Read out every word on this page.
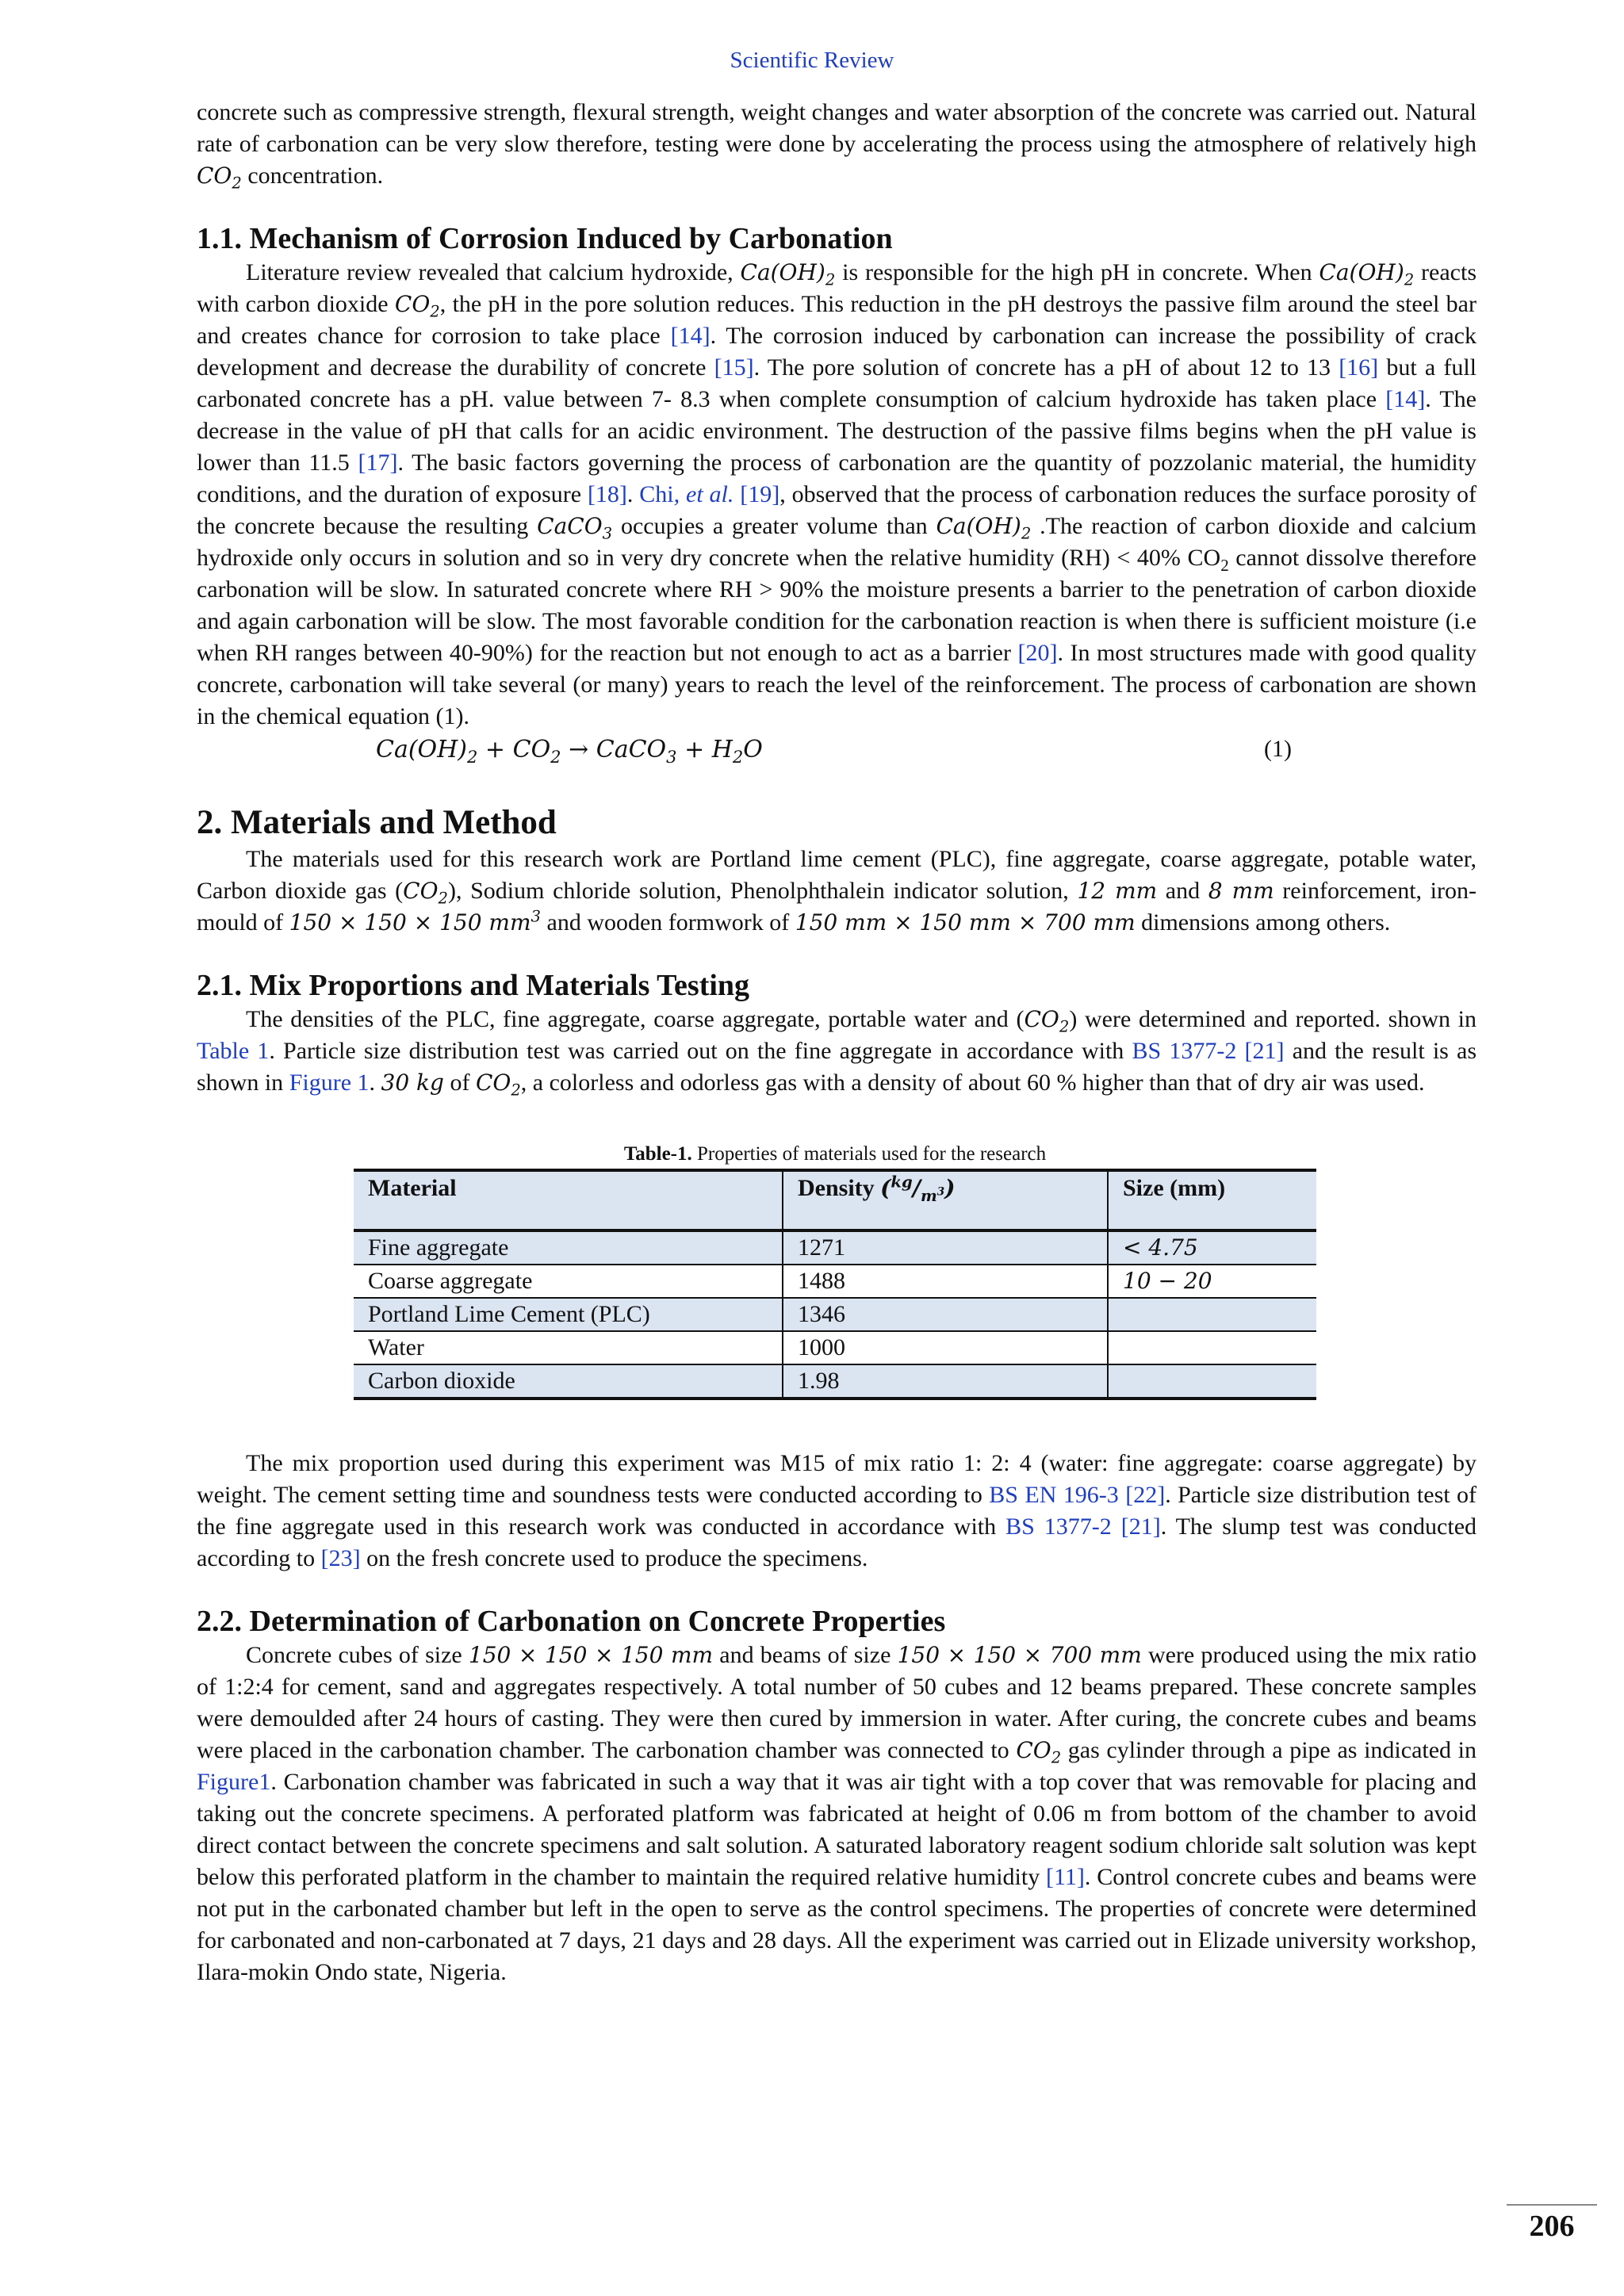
Scientific Review

concrete such as compressive strength, flexural strength, weight changes and water absorption of the concrete was carried out. Natural rate of carbonation can be very slow therefore, testing were done by accelerating the process using the atmosphere of relatively high $CO_2$ concentration.

1.1. Mechanism of Corrosion Induced by Carbonation

Literature review revealed that calcium hydroxide, $Ca(OH)_2$ is responsible for the high pH in concrete. When $Ca(OH)_2$ reacts with carbon dioxide $CO_2$, the pH in the pore solution reduces. This reduction in the pH destroys the passive film around the steel bar and creates chance for corrosion to take place [14]. The corrosion induced by carbonation can increase the possibility of crack development and decrease the durability of concrete [15]. The pore solution of concrete has a pH of about 12 to 13 [16] but a full carbonated concrete has a pH. value between 7- 8.3 when complete consumption of calcium hydroxide has taken place [14]. The decrease in the value of pH that calls for an acidic environment. The destruction of the passive films begins when the pH value is lower than 11.5 [17]. The basic factors governing the process of carbonation are the quantity of pozzolanic material, the humidity conditions, and the duration of exposure [18]. Chi, et al. [19], observed that the process of carbonation reduces the surface porosity of the concrete because the resulting CaCO$_3$ occupies a greater volume than $Ca(OH)_2$ .The reaction of carbon dioxide and calcium hydroxide only occurs in solution and so in very dry concrete when the relative humidity (RH) < 40% $CO_2$ cannot dissolve therefore carbonation will be slow. In saturated concrete where RH > 90% the moisture presents a barrier to the penetration of carbon dioxide and again carbonation will be slow. The most favorable condition for the carbonation reaction is when there is sufficient moisture (i.e when RH ranges between 40-90%) for the reaction but not enough to act as a barrier [20]. In most structures made with good quality concrete, carbonation will take several (or many) years to reach the level of the reinforcement. The process of carbonation are shown in the chemical equation (1).

$Ca(OH)_2 + CO_2$ → CaCO$_3$ + $H_2O$	(1)
2. Materials and Method

The materials used for this research work are Portland lime cement (PLC), fine aggregate, coarse aggregate, potable water, Carbon dioxide gas $(CO_2)$, Sodium chloride solution, Phenolphthalein indicator solution, 12 mm and 8 mm reinforcement, iron-mould of 150 × 150 × 150 $mm^3$ and wooden formwork of 150 mm × 150 mm × 700 mm dimensions among others.

2.1. Mix Proportions and Materials Testing

The densities of the PLC, fine aggregate, coarse aggregate, portable water and $(CO_2)$ were determined and reported. shown in Table 1. Particle size distribution test was carried out on the fine aggregate in accordance with BS 1377-2 [21] and the result is as shown in Figure 1. 30 kg of $CO_2$, a colorless and odorless gas with a density of about 60 % higher than that of dry air was used.

Table-1. Properties of materials used for the research
Material	Density $(^{kg}/_{m^3})$	Size (mm)
Fine aggregate	1271	< 4.75
Coarse aggregate	1488	10 − 20
Portland Lime Cement (PLC)	1346	
Water	1000	
Carbon dioxide	1.98	

The mix proportion used during this experiment was M15 of mix ratio 1: 2: 4 (water: fine aggregate: coarse aggregate) by weight. The cement setting time and soundness tests were conducted according to BS EN 196-3 [22]. Particle size distribution test of the fine aggregate used in this research work was conducted in accordance with BS 1377-2 [21]. The slump test was conducted according to [23] on the fresh concrete used to produce the specimens.

2.2. Determination of Carbonation on Concrete Properties

Concrete cubes of size 150 × 150 × 150 mm and beams of size 150 × 150 × 700 mm were produced using the mix ratio of 1:2:4 for cement, sand and aggregates respectively. A total number of 50 cubes and 12 beams prepared. These concrete samples were demoulded after 24 hours of casting. They were then cured by immersion in water. After curing, the concrete cubes and beams were placed in the carbonation chamber. The carbonation chamber was connected to $CO_2$ gas cylinder through a pipe as indicated in Figure1. Carbonation chamber was fabricated in such a way that it was air tight with a top cover that was removable for placing and taking out the concrete specimens. A perforated platform was fabricated at height of 0.06 m from bottom of the chamber to avoid direct contact between the concrete specimens and salt solution. A saturated laboratory reagent sodium chloride salt solution was kept below this perforated platform in the chamber to maintain the required relative humidity [11]. Control concrete cubes and beams were not put in the carbonated chamber but left in the open to serve as the control specimens. The properties of concrete were determined for carbonated and non-carbonated at 7 days, 21 days and 28 days. All the experiment was carried out in Elizade university workshop, Ilara-mokin Ondo state, Nigeria.

206
